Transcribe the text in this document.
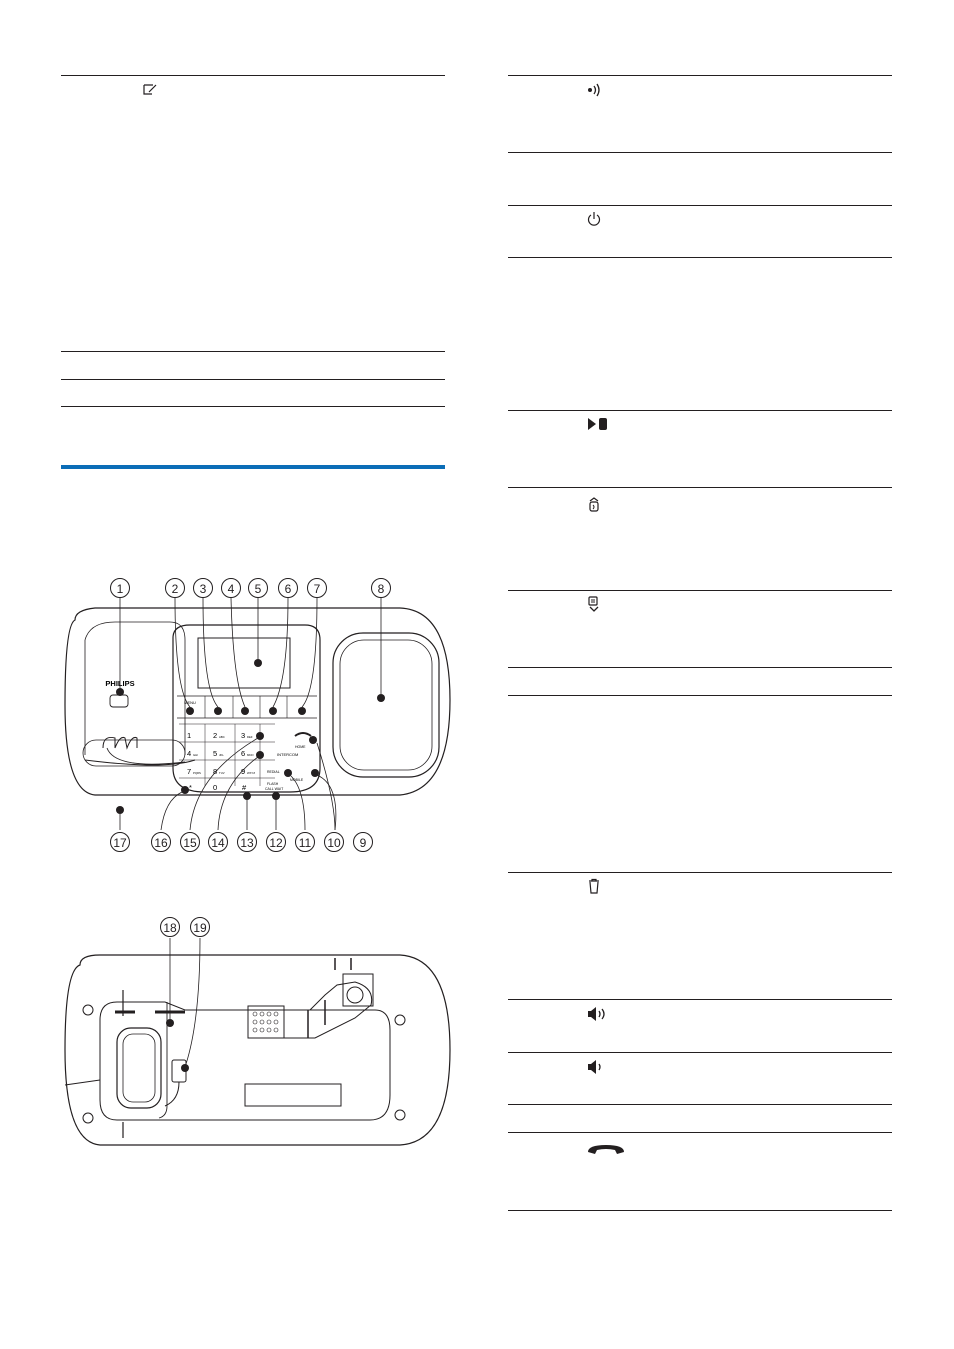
PHILIPS
MENU
1	2	3
4	5	6
7	8	9
*	0	#
ABC	DEF
GHI	JKL	MNO
PQRS	TUV	WXYZ
INTERCOM
REDIAL
MOBILE
HOME
FLASH
CALL WAIT
1	2	3	4	5	6	7	8
9
10
11
12
13
14
15
16
17
18 19
